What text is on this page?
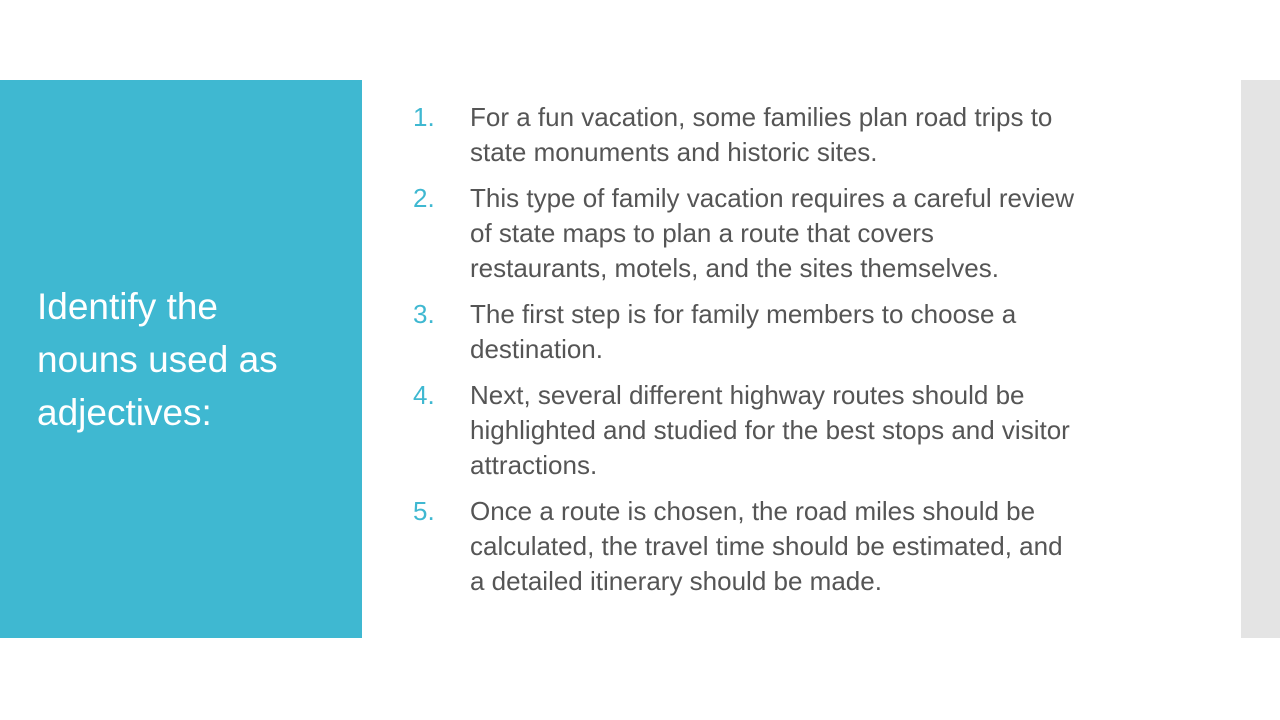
Identify the
nouns used as
adjectives:
1.	For a fun vacation, some families plan road trips to
state monuments and historic sites.
2.	This type of family vacation requires a careful review
of state maps to plan a route that covers
restaurants, motels, and the sites themselves.
3.	The first step is for family members to choose a
destination.
4.	Next, several different highway routes should be
highlighted and studied for the best stops and visitor
attractions.
5.	Once a route is chosen, the road miles should be
calculated, the travel time should be estimated, and
a detailed itinerary should be made.
